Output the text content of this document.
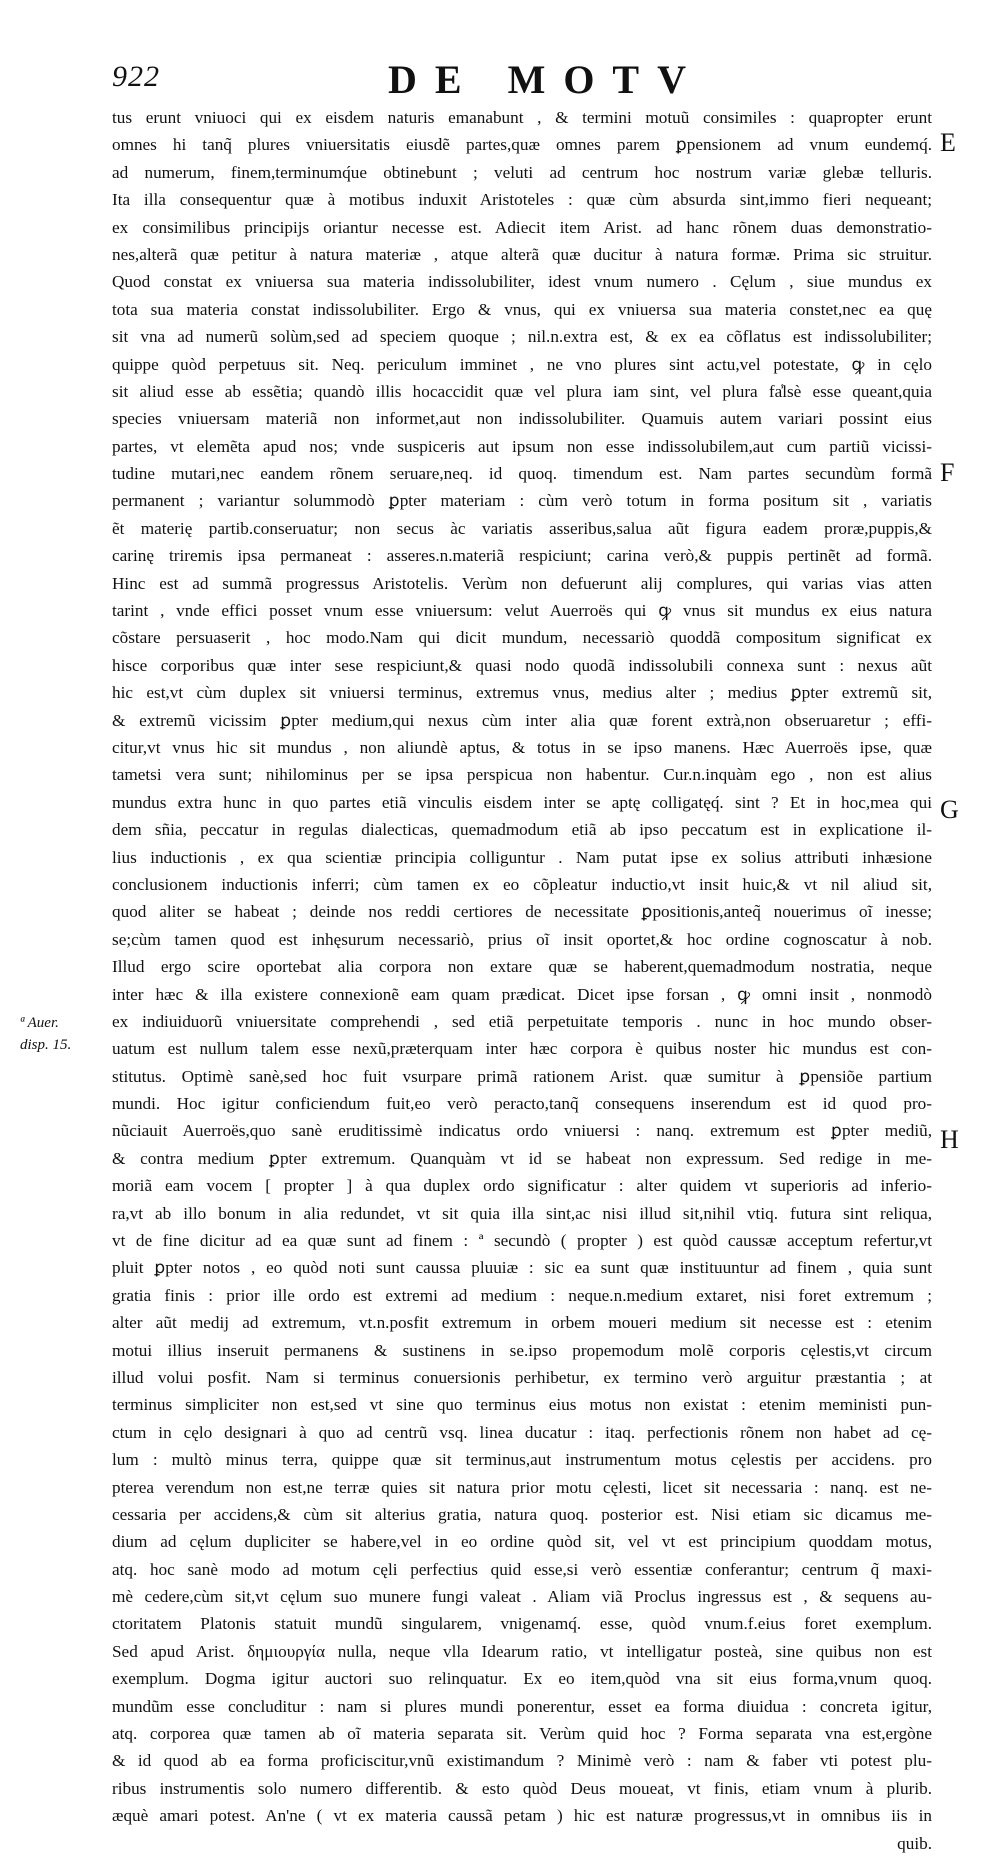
922	DE MOTV
E
F
G
H
ª Auer.
disp. 15.
tus erunt vniuoci qui ex eisdem naturis emanabunt , & termini motuũ consimiles : quapropter erunt
omnes hi tanq̃ plures vniuersitatis eiusdẽ partes,quæ omnes parem ꝑpensionem ad vnum eundemq́.
ad numerum, finem,terminumq́ue obtinebunt ; veluti ad centrum hoc nostrum variæ glebæ telluris.
Ita illa consequentur quæ à motibus induxit Aristoteles : quæ cùm absurda sint,immo fieri nequeant;
ex consimilibus principijs oriantur necesse est. Adiecit item Arist. ad hanc rõnem duas demonstratio-
nes,alterã quæ petitur à natura materiæ , atque alterã quæ ducitur à natura formæ. Prima sic struitur.
Quod constat ex vniuersa sua materia indissolubiliter, idest vnum numero . Cęlum , siue mundus ex
tota sua materia constat indissolubiliter. Ergo & vnus, qui ex vniuersa sua materia constet,nec ea quę
sit vna ad numerũ solùm,sed ad speciem quoque ; nil.n.extra est, & ex ea cõflatus est indissolubiliter;
quippe quòd perpetuus sit. Neq. periculum imminet , ne vno plures sint actu,vel potestate, ꝙ in cęlo
sit aliud esse ab essẽtia; quandò illis hocaccidit quæ vel plura iam sint, vel plura fa̾lsè esse queant,quia
species vniuersam materiã non informet,aut non indissolubiliter. Quamuis autem variari possint eius
partes, vt elemẽta apud nos; vnde suspiceris aut ipsum non esse indissolubilem,aut cum partiũ vicissi-
tudine mutari,nec eandem rõnem seruare,neq. id quoq. timendum est. Nam partes secundùm formã
permanent ; variantur solummodò ꝑpter materiam : cùm verò totum in forma positum sit , variatis
ẽt materię partib.conseruatur; non secus àc variatis asseribus,salua aũt figura eadem proræ,puppis,&
carinę triremis ipsa permaneat : asseres.n.materiã respiciunt; carina verò,& puppis pertinẽt ad formã.
Hinc est ad summã progressus Aristotelis. Verùm non defuerunt alij complures, qui varias vias atten
tarint , vnde effici posset vnum esse vniuersum: velut Auerroës qui ꝙ vnus sit mundus ex eius natura
cõstare persuaserit , hoc modo.Nam qui dicit mundum, necessariò quoddã compositum significat ex
hisce corporibus quæ inter sese respiciunt,& quasi nodo quodã indissolubili connexa sunt : nexus aũt
hic est,vt cùm duplex sit vniuersi terminus, extremus vnus, medius alter ; medius ꝑpter extremũ sit,
& extremũ vicissim ꝑpter medium,qui nexus cùm inter alia quæ forent extrà,non obseruaretur ; effi-
citur,vt vnus hic sit mundus , non aliundè aptus, & totus in se ipso manens. Hæc Auerroës ipse, quæ
tametsi vera sunt; nihilominus per se ipsa perspicua non habentur. Cur.n.inquàm ego , non est alius
mundus extra hunc in quo partes etiã vinculis eisdem inter se aptę colligatęq́. sint ? Et in hoc,mea qui
dem sñia, peccatur in regulas dialecticas, quemadmodum etiã ab ipso peccatum est in explicatione il-
lius inductionis , ex qua scientiæ principia colliguntur . Nam putat ipse ex solius attributi inhæsione
conclusionem inductionis inferri; cùm tamen ex eo cõpleatur inductio,vt insit huic,& vt nil aliud sit,
quod aliter se habeat ; deinde nos reddi certiores de necessitate ꝑpositionis,anteq̃ nouerimus oĩ inesse;
se;cùm tamen quod est inhęsurum necessariò, prius oĩ insit oportet,& hoc ordine cognoscatur à nob.
Illud ergo scire oportebat alia corpora non extare quæ se haberent,quemadmodum nostratia, neque
inter hæc & illa existere connexionẽ eam quam prædicat. Dicet ipse forsan , ꝙ omni insit , nonmodò
ex indiuiduorũ vniuersitate comprehendi , sed etiã perpetuitate temporis . nunc in hoc mundo obser-
uatum est nullum talem esse nexũ,præterquam inter hæc corpora è quibus noster hic mundus est con-
stitutus. Optimè sanè,sed hoc fuit vsurpare primã rationem Arist. quæ sumitur à ꝑpensiõe partium
mundi. Hoc igitur conficiendum fuit,eo verò peracto,tanq̃ consequens inserendum est id quod pro-
nũciauit Auerroës,quo sanè eruditissimè indicatus ordo vniuersi : nanq. extremum est ꝑpter mediũ,
& contra medium ꝑpter extremum. Quanquàm vt id se habeat non expressum. Sed redige in me-
moriã eam vocem [ propter ] à qua duplex ordo significatur : alter quidem vt superioris ad inferio-
ra,vt ab illo bonum in alia redundet, vt sit quia illa sint,ac nisi illud sit,nihil vtiq. futura sint reliqua,
vt de fine dicitur ad ea quæ sunt ad finem : ª secundò ( propter ) est quòd caussæ acceptum refertur,vt
pluit ꝑpter notos , eo quòd noti sunt caussa pluuiæ : sic ea sunt quæ instituuntur ad finem , quia sunt
gratia finis : prior ille ordo est extremi ad medium : neque.n.medium extaret, nisi foret extremum ;
alter aũt medij ad extremum, vt.n.posfit extremum in orbem moueri medium sit necesse est : etenim
motui illius inseruit permanens & sustinens in se.ipso propemodum molẽ corporis cęlestis,vt circum
illud volui posfit. Nam si terminus conuersionis perhibetur, ex termino verò arguitur præstantia ; at
terminus simpliciter non est,sed vt sine quo terminus eius motus non existat : etenim meministi pun-
ctum in cęlo designari à quo ad centrũ vsq. linea ducatur : itaq. perfectionis rõnem non habet ad cę-
lum : multò minus terra, quippe quæ sit terminus,aut instrumentum motus cęlestis per accidens. pro
pterea verendum non est,ne terræ quies sit natura prior motu cęlesti, licet sit necessaria : nanq. est ne-
cessaria per accidens,& cùm sit alterius gratia, natura quoq. posterior est. Nisi etiam sic dicamus me-
dium ad cęlum dupliciter se habere,vel in eo ordine quòd sit, vel vt est principium quoddam motus,
atq. hoc sanè modo ad motum cęli perfectius quid esse,si verò essentiæ conferantur; centrum q̃ maxi-
mè cedere,cùm sit,vt cęlum suo munere fungi valeat . Aliam viã Proclus ingressus est , & sequens au-
ctoritatem Platonis statuit mundũ singularem, vnigenamq́. esse, quòd vnum.f.eius foret exemplum.
Sed apud Arist. δημιουργία nulla, neque vlla Idearum ratio, vt intelligatur posteà, sine quibus non est
exemplum. Dogma igitur auctori suo relinquatur. Ex eo item,quòd vna sit eius forma,vnum quoq.
mundũm esse concluditur : nam si plures mundi ponerentur, esset ea forma diuidua : concreta igitur,
atq. corporea quæ tamen ab oĩ materia separata sit. Verùm quid hoc ? Forma separata vna est,ergòne
& id quod ab ea forma proficiscitur,vnũ existimandum ? Minimè verò : nam & faber vti potest plu-
ribus instrumentis solo numero differentib. & esto quòd Deus moueat, vt finis, etiam vnum à plurib.
æquè amari potest. An'ne ( vt ex materia caussã petam ) hic est naturæ progressus,vt in omnibus iis in
quib.
